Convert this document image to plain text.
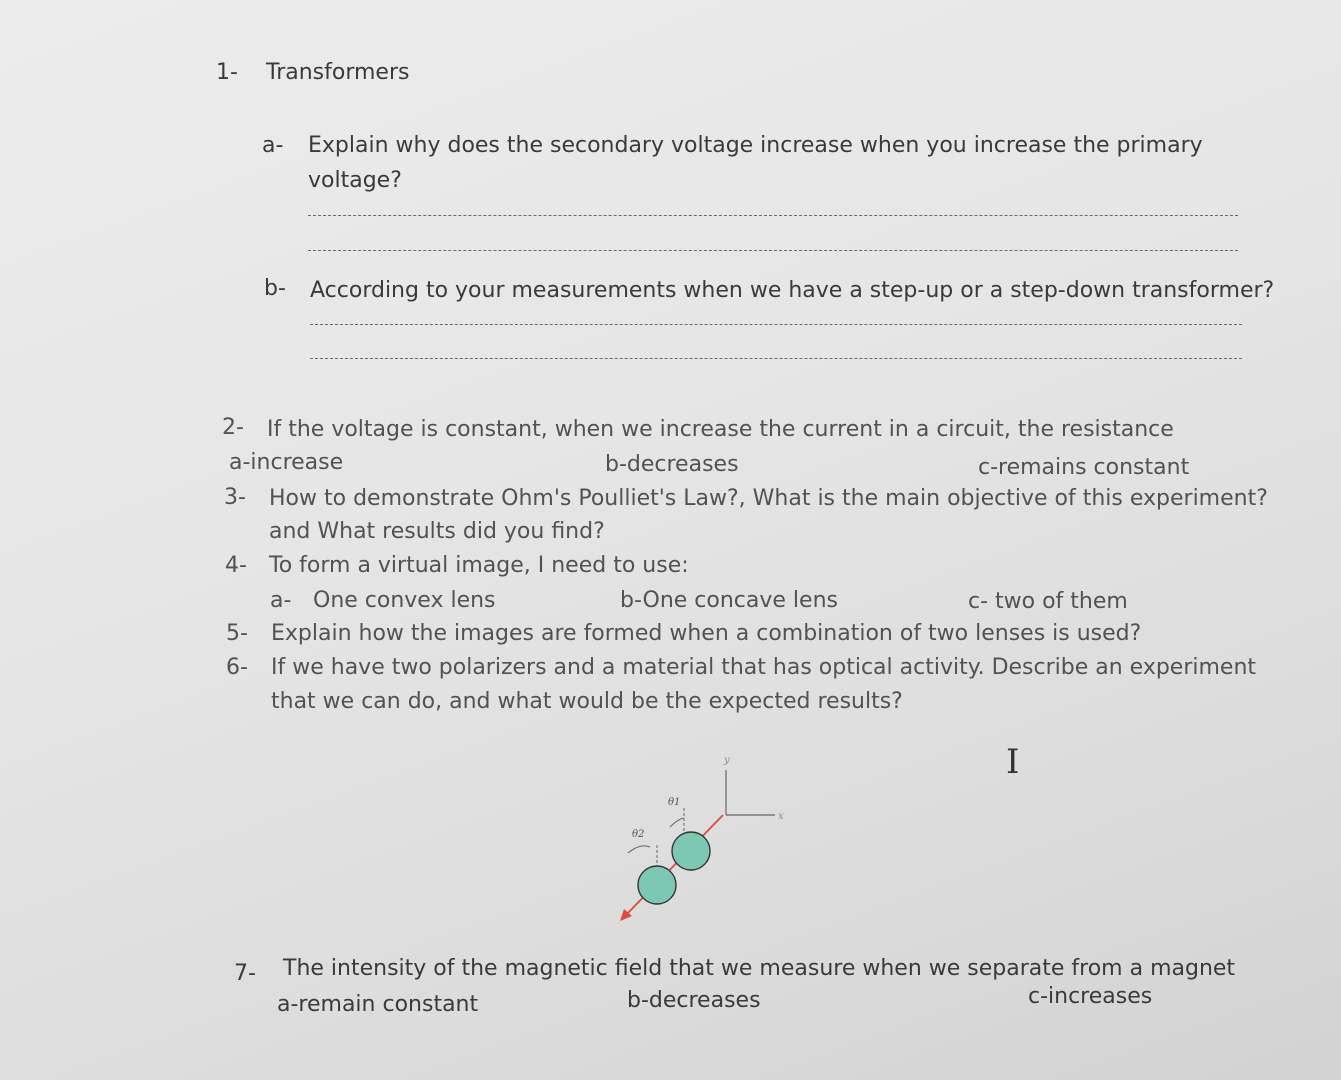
1- Transformers
a- Explain why does the secondary voltage increase when you increase the primary
voltage?
b- According to your measurements when we have a step-up or a step-down transformer?
2- If the voltage is constant, when we increase the current in a circuit, the resistance
a-increase	b-decreases	c-remains constant
3- How to demonstrate Ohm's Poulliet's Law?, What is the main objective of this experiment?
and What results did you find?
4- To form a virtual image, I need to use:
a- One convex lens	b-One concave lens	c- two of them
5- Explain how the images are formed when a combination of two lenses is used?
6- If we have two polarizers and a material that has optical activity. Describe an experiment
that we can do, and what would be the expected results?
y
x
θ1
θ2
I
7- The intensity of the magnetic field that we measure when we separate from a magnet
a-remain constant	b-decreases	c-increases
